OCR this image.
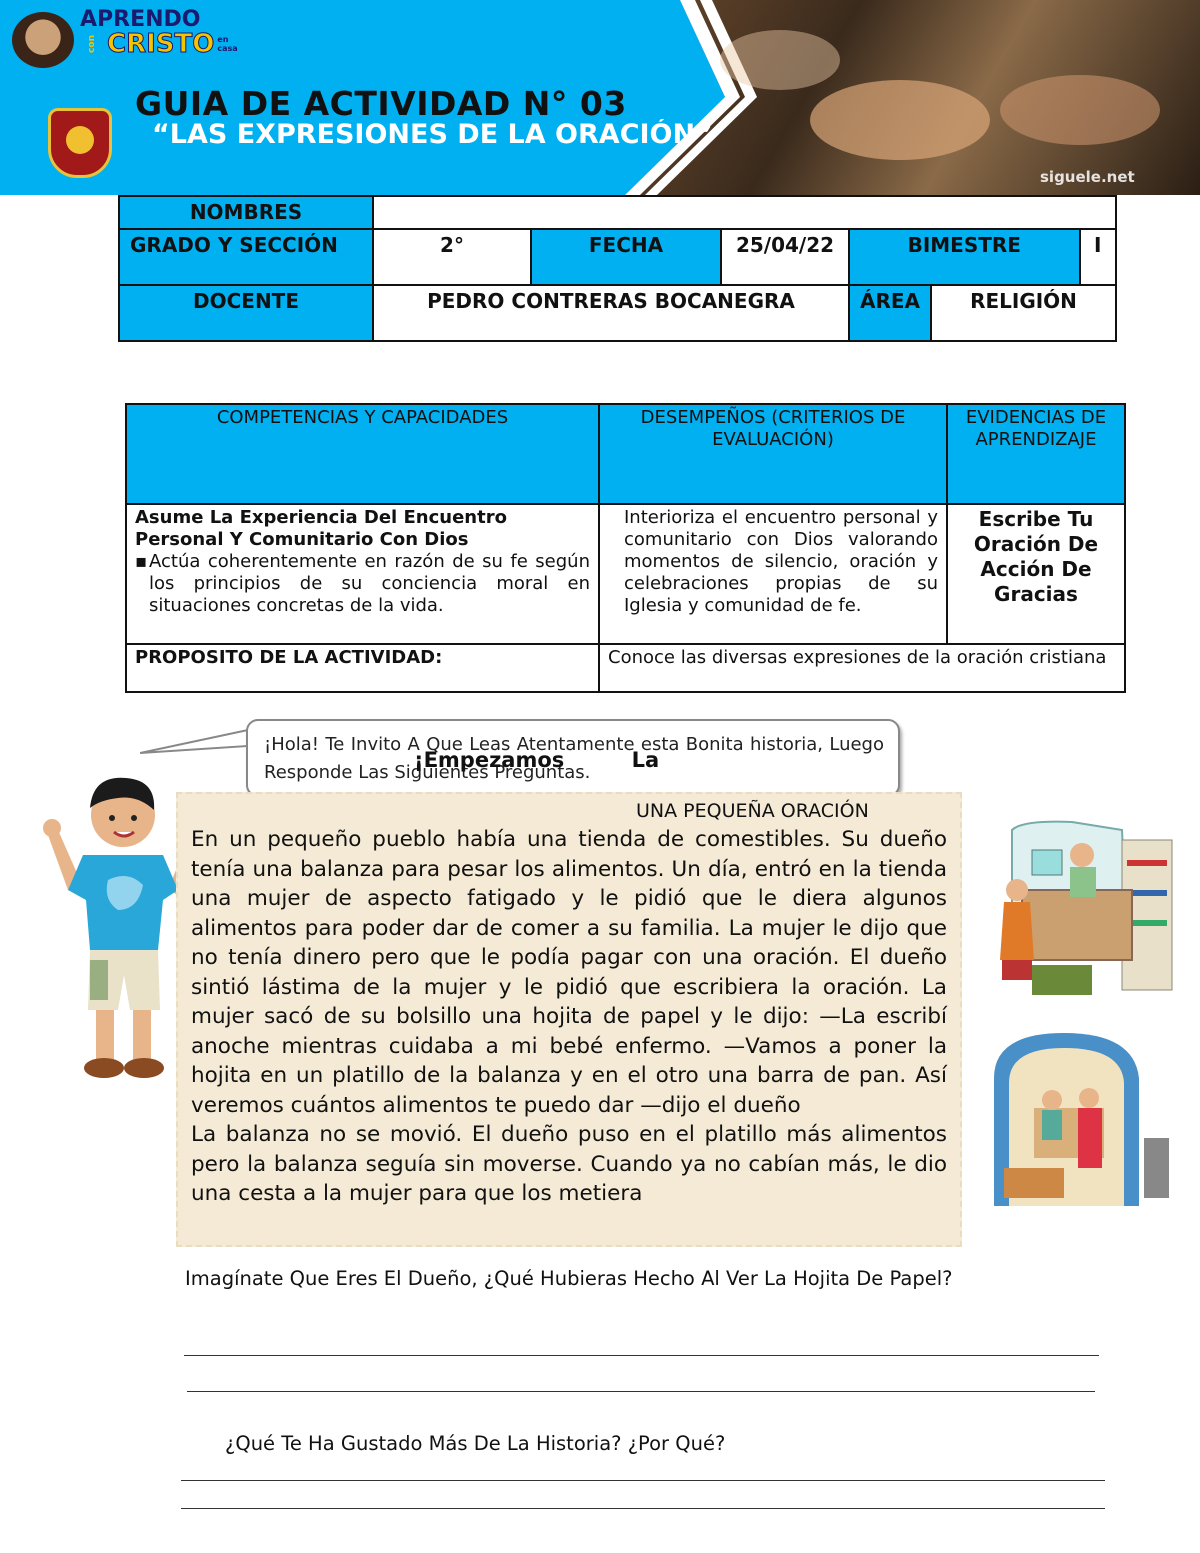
APRENDO
con CRISTO en casa
GUIA DE ACTIVIDAD N° 03
“LAS EXPRESIONES DE LA ORACIÓN”
siguele.net
NOMBRES						
GRADO Y SECCIÓN	2°	FECHA	25/04/22	BIMESTRE		I
DOCENTE	PEDRO CONTRERAS BOCANEGRA			ÁREA	RELIGIÓN	
COMPETENCIAS Y CAPACIDADES	DESEMPEÑOS (CRITERIOS DE EVALUACIÓN)	EVIDENCIAS DE APRENDIZAJE

Asume La Experiencia Del Encuentro Personal Y Comunitario Con Dios
▪ Actúa coherentemente en razón de su fe según los principios de su conciencia moral en situaciones concretas de la vida.	Interioriza el encuentro personal y comunitario con Dios valorando momentos de silencio, oración y celebraciones propias de su Iglesia y comunidad de fe.	Escribe Tu Oración De Acción De Gracias
PROPOSITO DE LA ACTIVIDAD:	Conoce las diversas expresiones de la oración cristiana	
¡Hola! Te Invito A Que Leas Atentamente esta Bonita historia, Luego Responde Las Siguientes Preguntas.
¡Empezamos La
UNA PEQUEÑA ORACIÓN
En un pequeño pueblo había una tienda de comestibles. Su dueño tenía una balanza para pesar los alimentos. Un día, entró en la tienda una mujer de aspecto fatigado y le pidió que le diera algunos alimentos para poder dar de comer a su familia. La mujer le dijo que no tenía dinero pero que le podía pagar con una oración. El dueño sintió lástima de la mujer y le pidió que escribiera la oración. La mujer sacó de su bolsillo una hojita de papel y le dijo: —La escribí anoche mientras cuidaba a mi bebé enfermo. —Vamos a poner la hojita en un platillo de la balanza y en el otro una barra de pan. Así veremos cuántos alimentos te puedo dar —dijo el dueño
La balanza no se movió. El dueño puso en el platillo más alimentos pero la balanza seguía sin moverse. Cuando ya no cabían más, le dio una cesta a la mujer para que los metiera
Imagínate Que Eres El Dueño, ¿Qué Hubieras Hecho Al Ver La Hojita De Papel?
¿Qué Te Ha Gustado Más De La Historia? ¿Por Qué?
